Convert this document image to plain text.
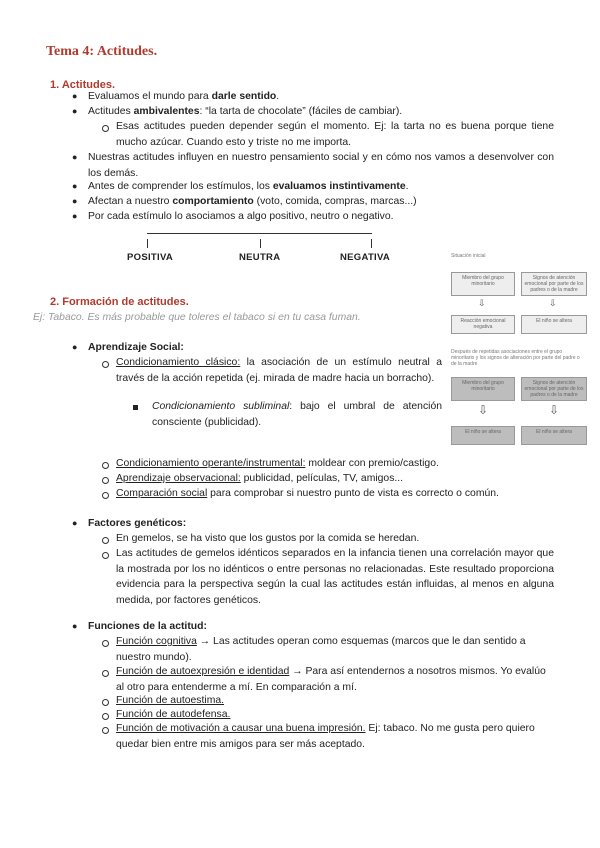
Tema 4: Actitudes.
1. Actitudes.
● Evaluamos el mundo para darle sentido.
● Actitudes ambivalentes: “la tarta de chocolate” (fáciles de cambiar).
Esas actitudes pueden depender según el momento. Ej: la tarta no es buena porque tiene mucho azúcar. Cuando esto y triste no me importa.
● Nuestras actitudes influyen en nuestro pensamiento social y en cómo nos vamos a desenvolver con los demás.
● Antes de comprender los estímulos, los evaluamos instintivamente.
● Afectan a nuestro comportamiento (voto, comida, compras, marcas...)
● Por cada estímulo lo asociamos a algo positivo, neutro o negativo.
POSITIVA	NEUTRA	NEGATIVA
2. Formación de actitudes.
Ej: Tabaco. Es más probable que toleres el tabaco si en tu casa fuman.
● Aprendizaje Social:
Condicionamiento clásico: la asociación de un estímulo neutral a través de la acción repetida (ej. mirada de madre hacia un borracho).
Condicionamiento subliminal: bajo el umbral de atención consciente (publicidad).
Condicionamiento operante/instrumental: moldear con premio/castigo.
Aprendizaje observacional: publicidad, películas, TV, amigos...
Comparación social para comprobar si nuestro punto de vista es correcto o común.
Situación inicial
Miembro del grupo minoritario
Signos de atención emocional por parte de los padres o de la madre
⇩	⇩
Reacción emocional negativa
El niño se altera
Después de repetidas asociaciones entre el grupo minoritario y los signos de alteración por parte del padre o de la madre
Miembro del grupo minoritario
Signos de atención emocional por parte de los padres o de la madre
⇩	⇩
El niño se altera	El niño se altera
● Factores genéticos:
En gemelos, se ha visto que los gustos por la comida se heredan.
Las actitudes de gemelos idénticos separados en la infancia tienen una correlación mayor que la mostrada por los no idénticos o entre personas no relacionadas. Este resultado proporciona evidencia para la perspectiva según la cual las actitudes están influidas, al menos en alguna medida, por factores genéticos.
● Funciones de la actitud:
Función cognitiva → Las actitudes operan como esquemas (marcos que le dan sentido a nuestro mundo).
Función de autoexpresión e identidad → Para así entendernos a nosotros mismos. Yo evalúo al otro para entenderme a mí. En comparación a mí.
Función de autoestima.
Función de autodefensa.
Función de motivación a causar una buena impresión. Ej: tabaco. No me gusta pero quiero quedar bien entre mis amigos para ser más aceptado.
